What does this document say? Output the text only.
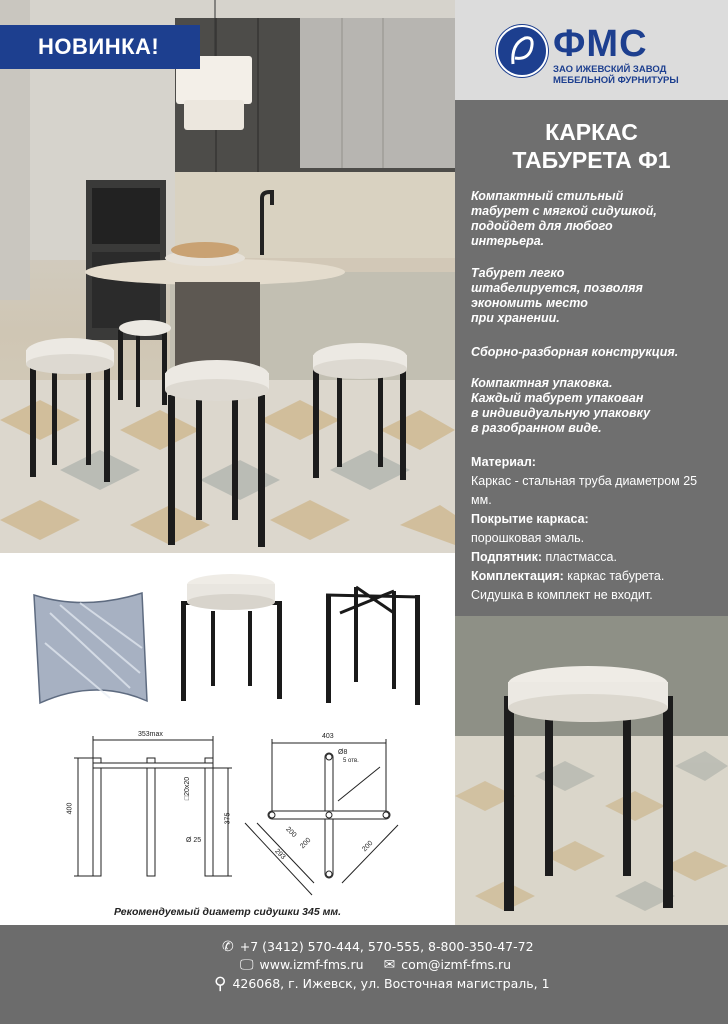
НОВИНКА!	ФМС
ЗАО ИЖЕВСКИЙ ЗАВОД
МЕБЕЛЬНОЙ ФУРНИТУРЫ
КАРКАС
ТАБУРЕТА Ф1
Компактный стильный
табурет с мягкой сидушкой,
подойдет для любого
интерьера.
Табурет легко
штабелируется, позволяя
экономить место
при хранении.
Сборно-разборная конструкция.
Компактная упаковка.
Каждый табурет упакован
в индивидуальную упаковку
в разобранном виде.
Материал:
Каркас - стальная труба диаметром 25 мм.
Покрытие каркаса:
порошковая эмаль.
Подпятник: пластмасса.
Комплектация: каркас табурета.
Сидушка в комплект не входит.
353max
400
□20х20
Ø 25
375
403
Ø8
5 отв.
200
293
200
200
Рекомендуемый диаметр сидушки 345 мм.
✆ +7 (3412) 570-444, 570-555, 8-800-350-47-72
🖵 www.izmf-fms.ru ✉ com@izmf-fms.ru
⚲ 426068, г. Ижевск, ул. Восточная магистраль, 1
